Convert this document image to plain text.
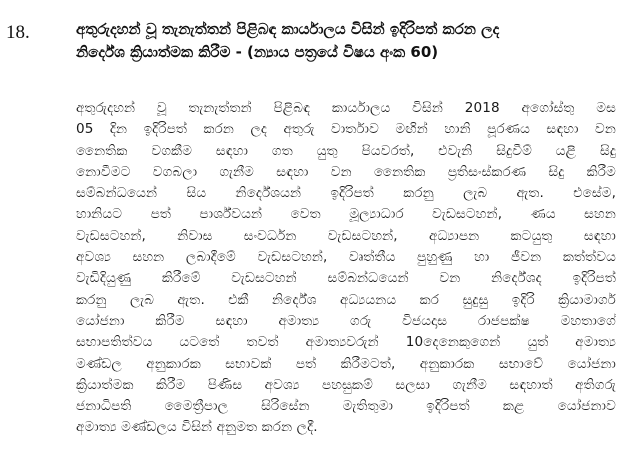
18.	අතුරුදහන් වූ තැනැත්තන් පිළිබඳ කාර්යාලය විසින් ඉදිරිපත් කරන ලද
නිර්දේශ ක්‍රියාත්මක කිරීම - (න්‍යාය පත්‍රයේ විෂය අංක 60)
අතුරුදහන් වූ තැනැත්තන් පිළිබඳ කාර්යාලය විසින් 2018 අගෝස්තු මස
05 දින ඉදිරිපත් කරන ලද අතුරු වාර්තාව මඟින් හානි පූරණය සඳහා වන
නෛතික වගකීම සඳහා ගත යුතු පියවරත්, එවැනි සිදුවීම් යළි සිදු
නොවීමට වගබලා ගැනීම සඳහා වන නෛතික ප්‍රතිසංස්කරණ සිදු කිරීම
සම්බන්ධයෙන් සිය නිර්දේශයන් ඉදිරිපත් කරනු ලැබ ඇත. එසේම,
හානියට පත් පාර්ශ්වයන් වෙත මූල්‍යාධාර වැඩසටහන්, ණය සහන
වැඩසටහන්, නිවාස සංවර්ධන වැඩසටහන්, අධ්‍යාපන කටයුතු සඳහා
අවශ්‍ය සහන ලබාදීමේ වැඩසටහන්, වෘත්තීය පුහුණු හා ජීවන කත්ත්වය
වැඩිදියුණු කිරීමේ වැඩසටහන් සම්බන්ධයෙන් වන නිර්දේශද ඉදිරිපත්
කරනු ලැබ ඇත. එකී නිර්දේශ අධ්‍යයනය කර සුදුසු ඉදිරි ක්‍රියාමාර්ග
යෝජනා කිරීම සඳහා අමාත්‍ය ගරු විජයදාස රාජපක්ෂ මහතාගේ
සභාපතිත්වය යටතේ තවත් අමාත්‍යවරුන් 10දෙනෙකුගෙන් යුත් අමාත්‍ය
මණ්ඩල අනුකාරක සභාවක් පත් කිරීමටත්, අනුකාරක සභාවේ යෝජනා
ක්‍රියාත්මක කිරීම පිණිස අවශ්‍ය පහසුකම් සලසා ගැනීම සඳහාත් අතිගරු
ජනාධිපති මෛත්‍රීපාල සිරිසේන මැතිතුමා ඉදිරිපත් කළ යෝජනාව
අමාත්‍ය මණ්ඩලය විසින් අනුමත කරන ලදී.
